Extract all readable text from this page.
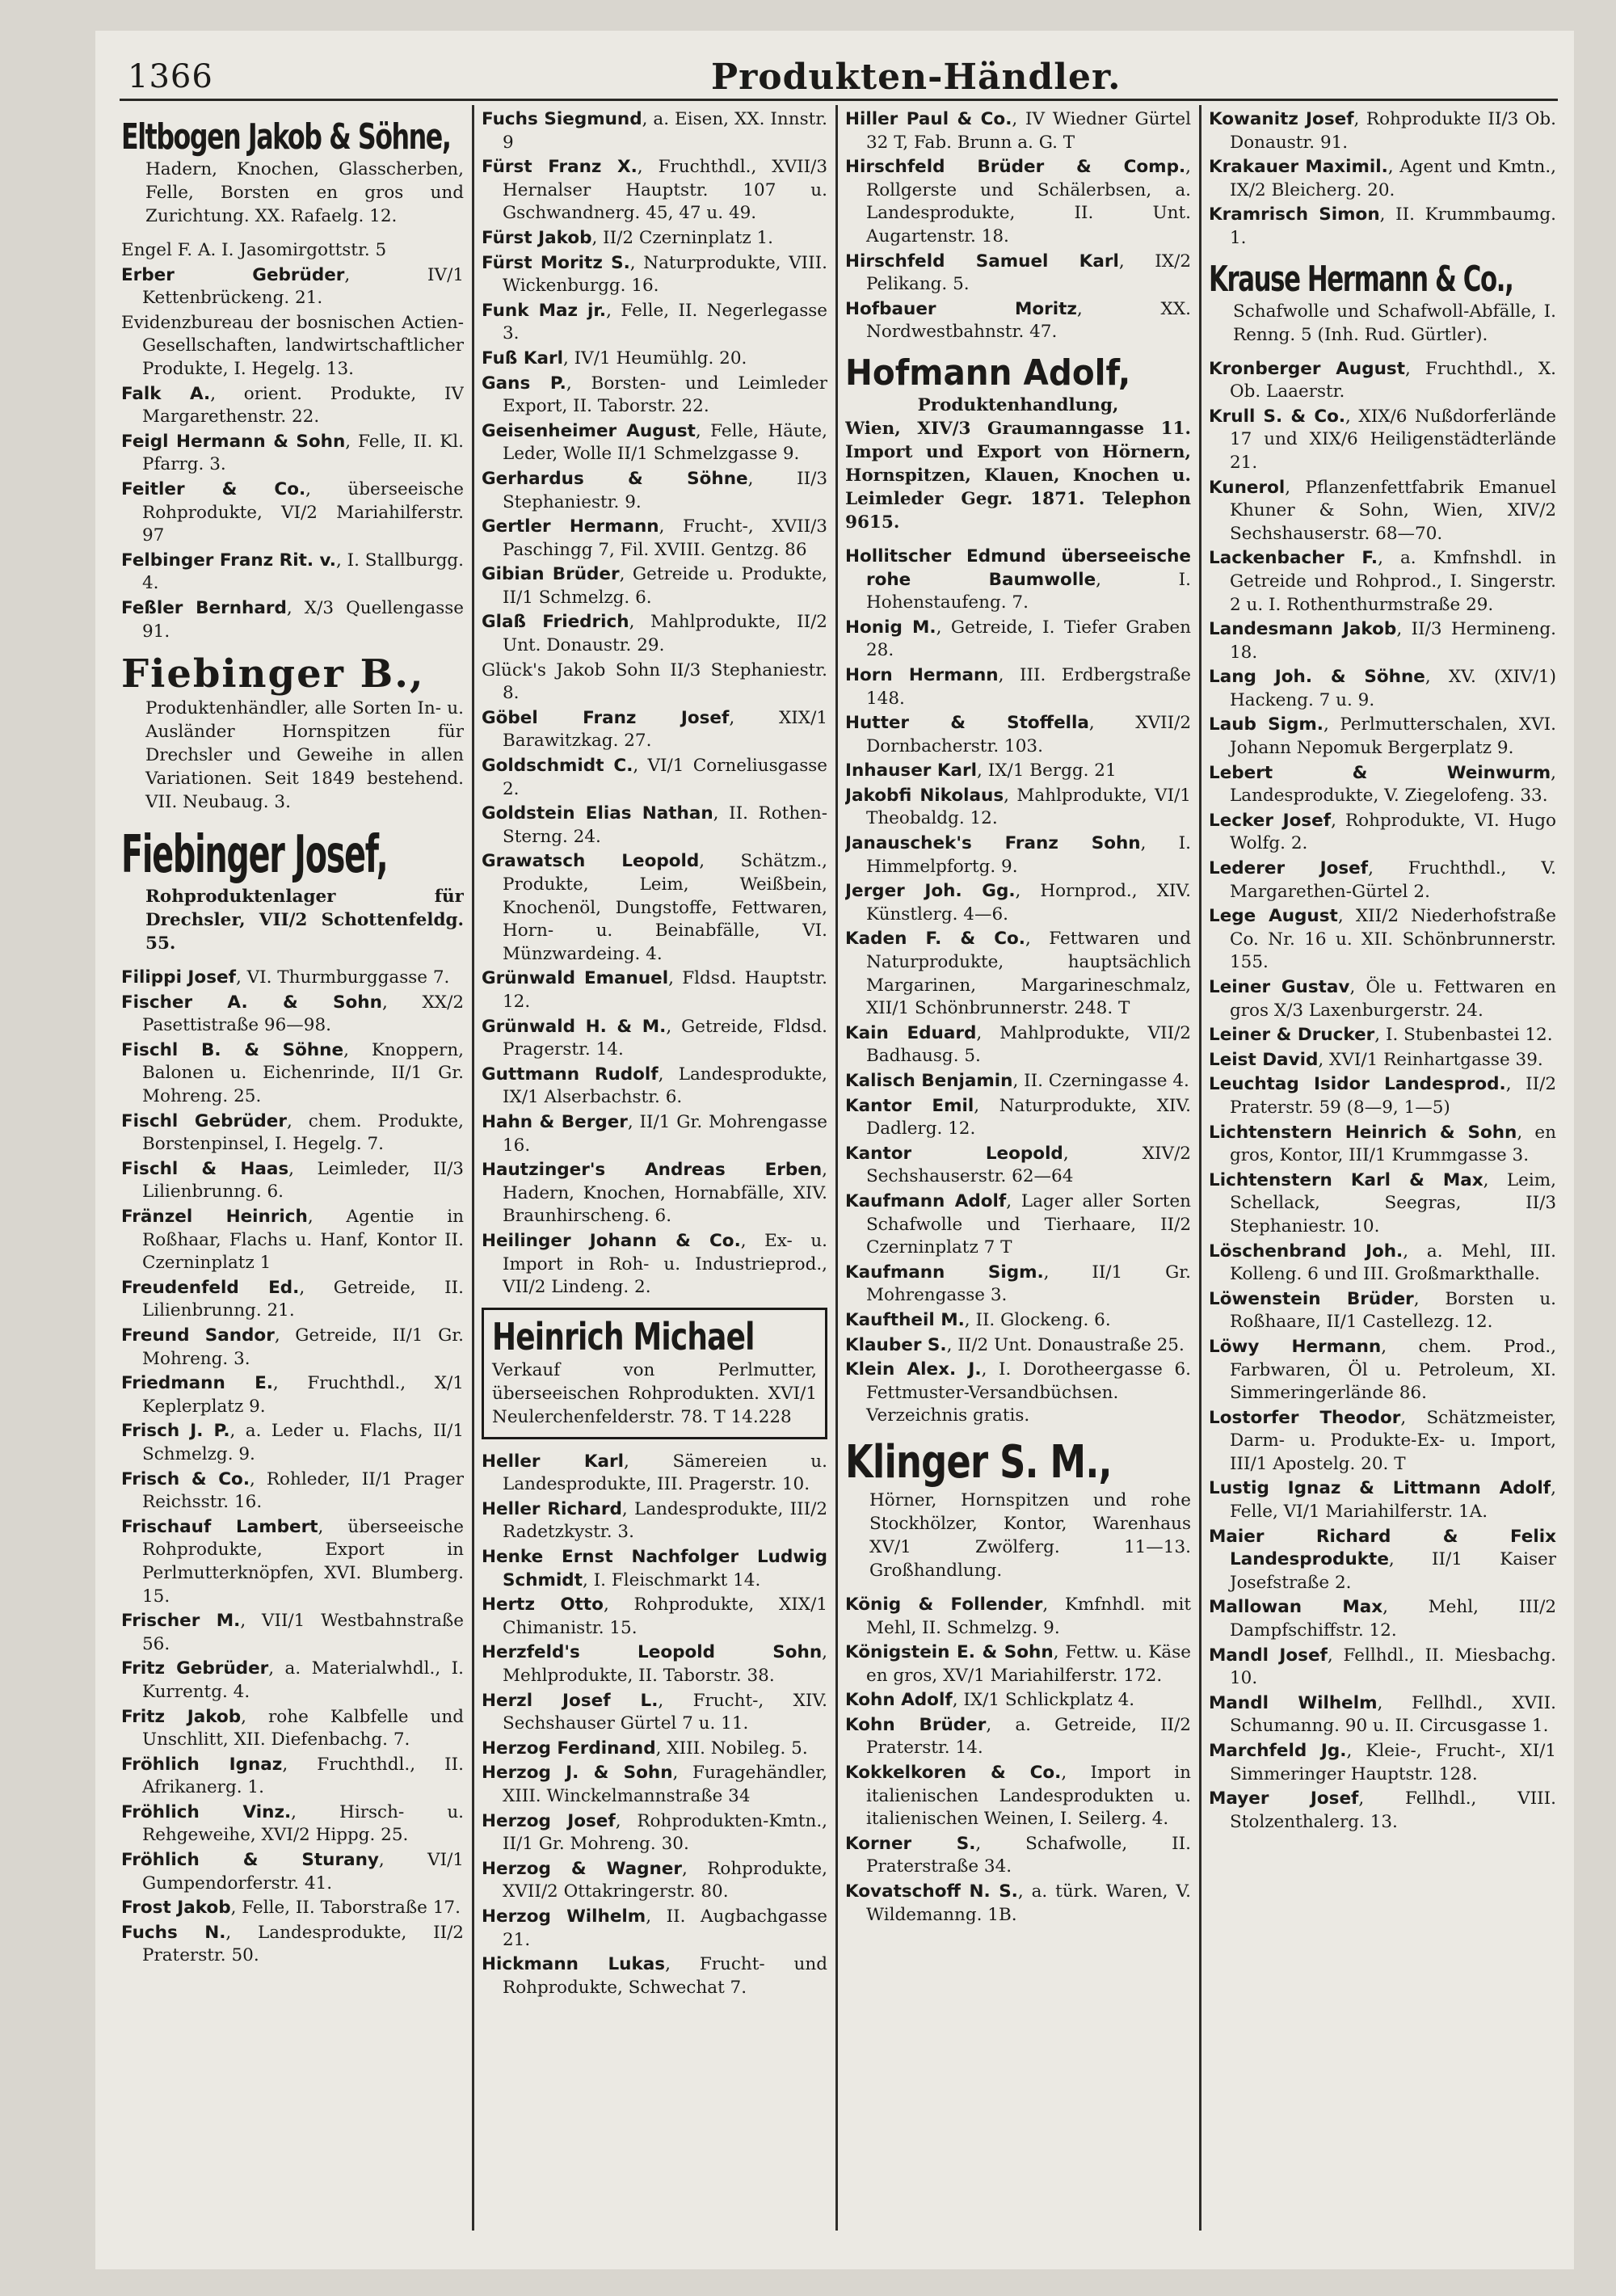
1366	Produkten-Händler.
Eltbogen Jakob & Söhne,
Hadern, Knochen, Glasscherben, Felle, Borsten en gros und Zurichtung. XX. Rafaelg. 12.
Engel F. A. I. Jasomirgottstr. 5
Erber Gebrüder, IV/1 Kettenbrückeng. 21.
Evidenzbureau der bosnischen Actien-Gesellschaften, landwirtschaftlicher Produkte, I. Hegelg. 13.
Falk A., orient. Produkte, IV Margarethenstr. 22.
Feigl Hermann & Sohn, Felle, II. Kl. Pfarrg. 3.
Feitler & Co., überseeische Rohprodukte, VI/2 Mariahilferstr. 97
Felbinger Franz Rit. v., I. Stallburgg. 4.
Feßler Bernhard, X/3 Quellengasse 91.
Fiebinger B.,
Produktenhändler, alle Sorten In- u. Ausländer Hornspitzen für Drechsler und Geweihe in allen Variationen. Seit 1849 bestehend. VII. Neubaug. 3.
Fiebinger Josef,
Rohproduktenlager für Drechsler, VII/2 Schottenfeldg. 55.
Filippi Josef, VI. Thurmburggasse 7.
Fischer A. & Sohn, XX/2 Pasettistraße 96—98.
Fischl B. & Söhne, Knoppern, Balonen u. Eichenrinde, II/1 Gr. Mohreng. 25.
Fischl Gebrüder, chem. Produkte, Borstenpinsel, I. Hegelg. 7.
Fischl & Haas, Leimleder, II/3 Lilienbrunng. 6.
Fränzel Heinrich, Agentie in Roßhaar, Flachs u. Hanf, Kontor II. Czerninplatz 1
Freudenfeld Ed., Getreide, II. Lilienbrunng. 21.
Freund Sandor, Getreide, II/1 Gr. Mohreng. 3.
Friedmann E., Fruchthdl., X/1 Keplerplatz 9.
Frisch J. P., a. Leder u. Flachs, II/1 Schmelzg. 9.
Frisch & Co., Rohleder, II/1 Prager Reichsstr. 16.
Frischauf Lambert, überseeische Rohprodukte, Export in Perlmutterknöpfen, XVI. Blumberg. 15.
Frischer M., VII/1 Westbahnstraße 56.
Fritz Gebrüder, a. Materialwhdl., I. Kurrentg. 4.
Fritz Jakob, rohe Kalbfelle und Unschlitt, XII. Diefenbachg. 7.
Fröhlich Ignaz, Fruchthdl., II. Afrikanerg. 1.
Fröhlich Vinz., Hirsch- u. Rehgeweihe, XVI/2 Hippg. 25.
Fröhlich & Sturany, VI/1 Gumpendorferstr. 41.
Frost Jakob, Felle, II. Taborstraße 17.
Fuchs N., Landesprodukte, II/2 Praterstr. 50.
Fuchs Siegmund, a. Eisen, XX. Innstr. 9
Fürst Franz X., Fruchthdl., XVII/3 Hernalser Hauptstr. 107 u. Gschwandnerg. 45, 47 u. 49.
Fürst Jakob, II/2 Czerninplatz 1.
Fürst Moritz S., Naturprodukte, VIII. Wickenburgg. 16.
Funk Maz jr., Felle, II. Negerlegasse 3.
Fuß Karl, IV/1 Heumühlg. 20.
Gans P., Borsten- und Leimleder Export, II. Taborstr. 22.
Geisenheimer August, Felle, Häute, Leder, Wolle II/1 Schmelzgasse 9.
Gerhardus & Söhne, II/3 Stephaniestr. 9.
Gertler Hermann, Frucht-, XVII/3 Paschingg 7, Fil. XVIII. Gentzg. 86
Gibian Brüder, Getreide u. Produkte, II/1 Schmelzg. 6.
Glaß Friedrich, Mahlprodukte, II/2 Unt. Donaustr. 29.
Glück's Jakob Sohn II/3 Stephaniestr. 8.
Göbel Franz Josef, XIX/1 Barawitzkag. 27.
Goldschmidt C., VI/1 Corneliusgasse 2.
Goldstein Elias Nathan, II. Rothen-Sterng. 24.
Grawatsch Leopold, Schätzm., Produkte, Leim, Weißbein, Knochenöl, Dungstoffe, Fettwaren, Horn- u. Beinabfälle, VI. Münzwardeing. 4.
Grünwald Emanuel, Fldsd. Hauptstr. 12.
Grünwald H. & M., Getreide, Fldsd. Pragerstr. 14.
Guttmann Rudolf, Landesprodukte, IX/1 Alserbachstr. 6.
Hahn & Berger, II/1 Gr. Mohrengasse 16.
Hautzinger's Andreas Erben, Hadern, Knochen, Hornabfälle, XIV. Braunhirscheng. 6.
Heilinger Johann & Co., Ex- u. Import in Roh- u. Industrieprod., VII/2 Lindeng. 2.
Heinrich Michael
Verkauf von Perlmutter, überseeischen Rohprodukten. XVI/1 Neulerchenfelderstr. 78. T 14.228
Heller Karl, Sämereien u. Landesprodukte, III. Pragerstr. 10.
Heller Richard, Landesprodukte, III/2 Radetzkystr. 3.
Henke Ernst Nachfolger Ludwig Schmidt, I. Fleischmarkt 14.
Hertz Otto, Rohprodukte, XIX/1 Chimanistr. 15.
Herzfeld's Leopold Sohn, Mehlprodukte, II. Taborstr. 38.
Herzl Josef L., Frucht-, XIV. Sechshauser Gürtel 7 u. 11.
Herzog Ferdinand, XIII. Nobileg. 5.
Herzog J. & Sohn, Furagehändler, XIII. Winckelmannstraße 34
Herzog Josef, Rohprodukten-Kmtn., II/1 Gr. Mohreng. 30.
Herzog & Wagner, Rohprodukte, XVII/2 Ottakringerstr. 80.
Herzog Wilhelm, II. Augbachgasse 21.
Hickmann Lukas, Frucht- und Rohprodukte, Schwechat 7.
Hiller Paul & Co., IV Wiedner Gürtel 32 T, Fab. Brunn a. G. T
Hirschfeld Brüder & Comp., Rollgerste und Schälerbsen, a. Landesprodukte, II. Unt. Augartenstr. 18.
Hirschfeld Samuel Karl, IX/2 Pelikang. 5.
Hofbauer Moritz, XX. Nordwestbahnstr. 47.
Hofmann Adolf,
Produktenhandlung,
Wien, XIV/3 Graumanngasse 11. Import und Export von Hörnern, Hornspitzen, Klauen, Knochen u. Leimleder Gegr. 1871. Telephon 9615.
Hollitscher Edmund überseeische rohe Baumwolle, I. Hohenstaufeng. 7.
Honig M., Getreide, I. Tiefer Graben 28.
Horn Hermann, III. Erdbergstraße 148.
Hutter & Stoffella, XVII/2 Dornbacherstr. 103.
Inhauser Karl, IX/1 Bergg. 21
Jakobfi Nikolaus, Mahlprodukte, VI/1 Theobaldg. 12.
Janauschek's Franz Sohn, I. Himmelpfortg. 9.
Jerger Joh. Gg., Hornprod., XIV. Künstlerg. 4—6.
Kaden F. & Co., Fettwaren und Naturprodukte, hauptsächlich Margarinen, Margarineschmalz, XII/1 Schönbrunnerstr. 248. T
Kain Eduard, Mahlprodukte, VII/2 Badhausg. 5.
Kalisch Benjamin, II. Czerningasse 4.
Kantor Emil, Naturprodukte, XIV. Dadlerg. 12.
Kantor Leopold, XIV/2 Sechshauserstr. 62—64
Kaufmann Adolf, Lager aller Sorten Schafwolle und Tierhaare, II/2 Czerninplatz 7 T
Kaufmann Sigm., II/1 Gr. Mohrengasse 3.
Kauftheil M., II. Glockeng. 6.
Klauber S., II/2 Unt. Donaustraße 25.
Klein Alex. J., I. Dorotheergasse 6. Fettmuster-Versandbüchsen. Verzeichnis gratis.
Klinger S. M.,
Hörner, Hornspitzen und rohe Stockhölzer, Kontor, Warenhaus XV/1 Zwölferg. 11—13. Großhandlung.
König & Follender, Kmfnhdl. mit Mehl, II. Schmelzg. 9.
Königstein E. & Sohn, Fettw. u. Käse en gros, XV/1 Mariahilferstr. 172.
Kohn Adolf, IX/1 Schlickplatz 4.
Kohn Brüder, a. Getreide, II/2 Praterstr. 14.
Kokkelkoren & Co., Import in italienischen Landesprodukten u. italienischen Weinen, I. Seilerg. 4.
Korner S., Schafwolle, II. Praterstraße 34.
Kovatschoff N. S., a. türk. Waren, V. Wildemanng. 1B.
Kowanitz Josef, Rohprodukte II/3 Ob. Donaustr. 91.
Krakauer Maximil., Agent und Kmtn., IX/2 Bleicherg. 20.
Kramrisch Simon, II. Krummbaumg. 1.
Krause Hermann & Co.,
Schafwolle und Schafwoll-Abfälle, I. Renng. 5 (Inh. Rud. Gürtler).
Kronberger August, Fruchthdl., X. Ob. Laaerstr.
Krull S. & Co., XIX/6 Nußdorferlände 17 und XIX/6 Heiligenstädterlände 21.
Kunerol, Pflanzenfettfabrik Emanuel Khuner & Sohn, Wien, XIV/2 Sechshauserstr. 68—70.
Lackenbacher F., a. Kmfnshdl. in Getreide und Rohprod., I. Singerstr. 2 u. I. Rothenthurmstraße 29.
Landesmann Jakob, II/3 Hermineng. 18.
Lang Joh. & Söhne, XV. (XIV/1) Hackeng. 7 u. 9.
Laub Sigm., Perlmutterschalen, XVI. Johann Nepomuk Bergerplatz 9.
Lebert & Weinwurm, Landesprodukte, V. Ziegelofeng. 33.
Lecker Josef, Rohprodukte, VI. Hugo Wolfg. 2.
Lederer Josef, Fruchthdl., V. Margarethen-Gürtel 2.
Lege August, XII/2 Niederhofstraße Co. Nr. 16 u. XII. Schönbrunnerstr. 155.
Leiner Gustav, Öle u. Fettwaren en gros X/3 Laxenburgerstr. 24.
Leiner & Drucker, I. Stubenbastei 12.
Leist David, XVI/1 Reinhartgasse 39.
Leuchtag Isidor Landesprod., II/2 Praterstr. 59 (8—9, 1—5)
Lichtenstern Heinrich & Sohn, en gros, Kontor, III/1 Krummgasse 3.
Lichtenstern Karl & Max, Leim, Schellack, Seegras, II/3 Stephaniestr. 10.
Löschenbrand Joh., a. Mehl, III. Kolleng. 6 und III. Großmarkthalle.
Löwenstein Brüder, Borsten u. Roßhaare, II/1 Castellezg. 12.
Löwy Hermann, chem. Prod., Farbwaren, Öl u. Petroleum, XI. Simmeringerlände 86.
Lostorfer Theodor, Schätzmeister, Darm- u. Produkte-Ex- u. Import, III/1 Apostelg. 20. T
Lustig Ignaz & Littmann Adolf, Felle, VI/1 Mariahilferstr. 1A.
Maier Richard & Felix Landesprodukte, II/1 Kaiser Josefstraße 2.
Mallowan Max, Mehl, III/2 Dampfschiffstr. 12.
Mandl Josef, Fellhdl., II. Miesbachg. 10.
Mandl Wilhelm, Fellhdl., XVII. Schumanng. 90 u. II. Circusgasse 1.
Marchfeld Jg., Kleie-, Frucht-, XI/1 Simmeringer Hauptstr. 128.
Mayer Josef, Fellhdl., VIII. Stolzenthalerg. 13.
